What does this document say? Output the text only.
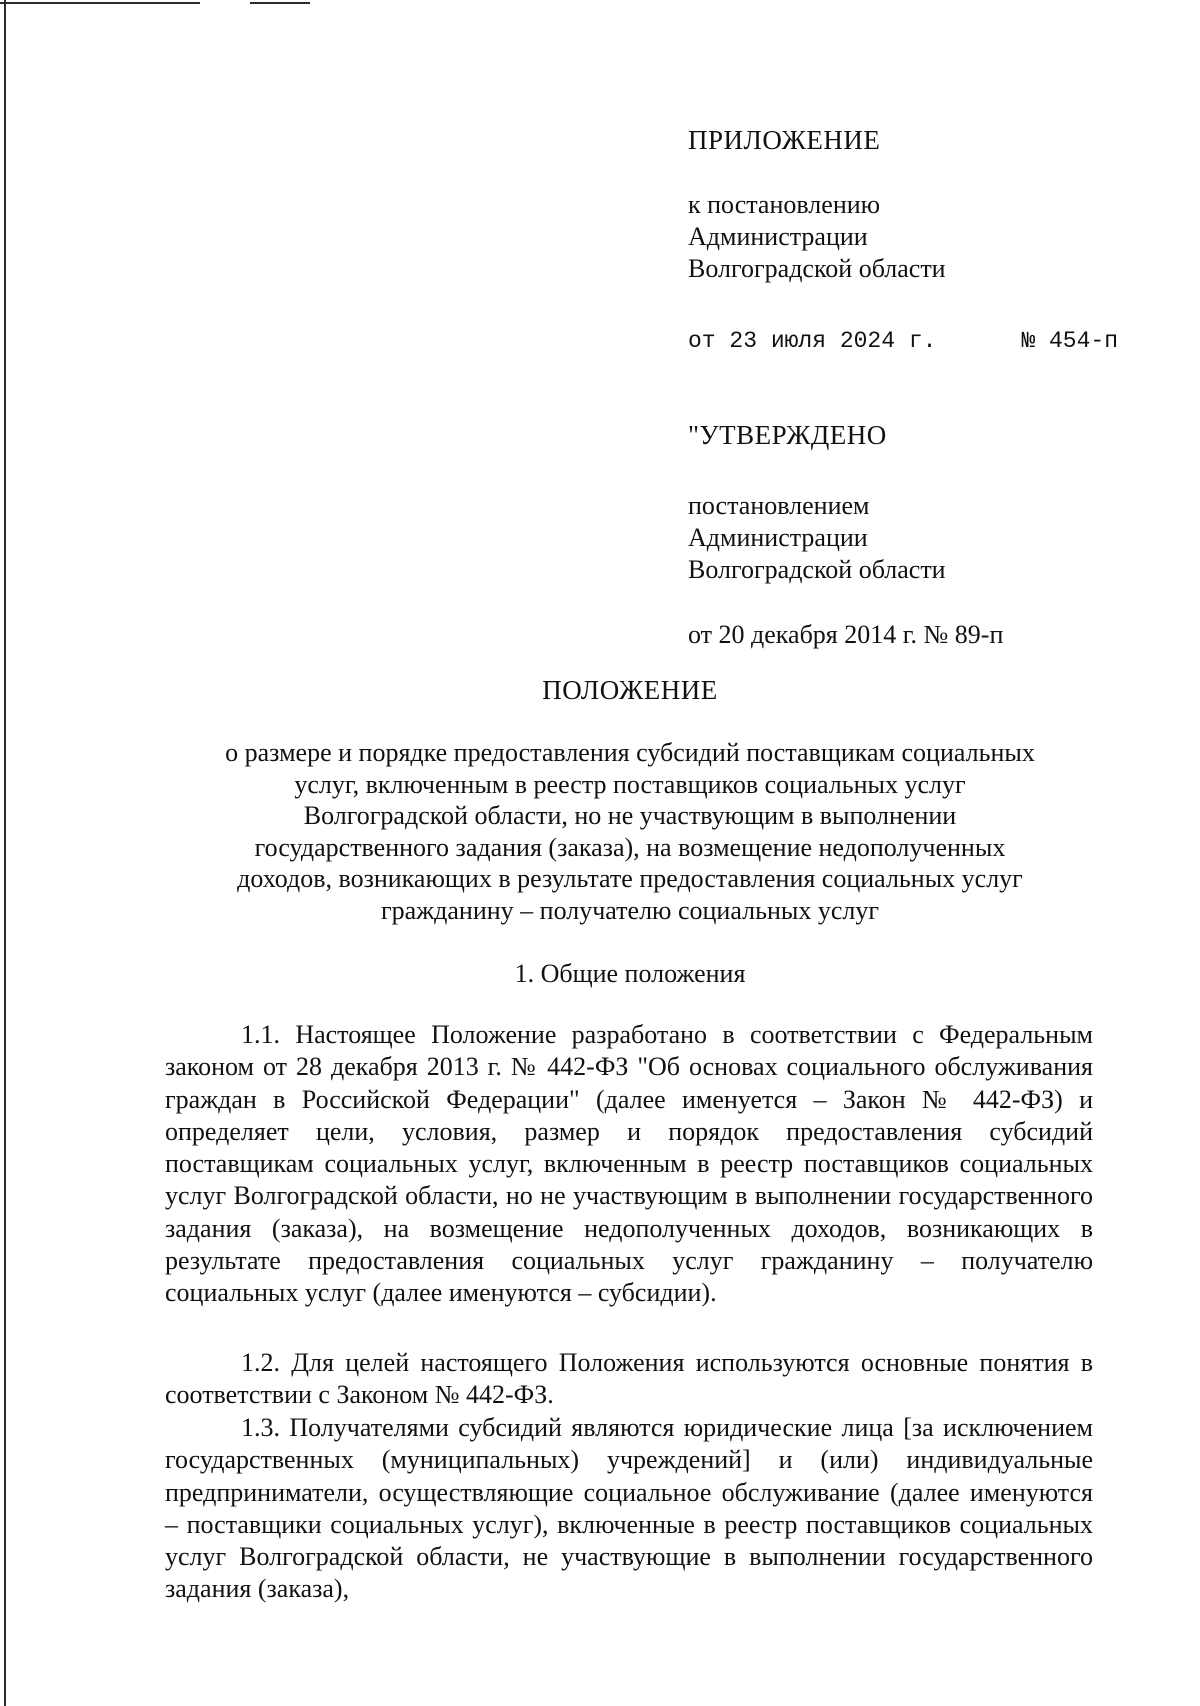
ПРИЛОЖЕНИЕ
к постановлению
Администрации
Волгоградской области
от 23 июля 2024 г.	№ 454-п
"УТВЕРЖДЕНО
постановлением
Администрации
Волгоградской области
от 20 декабря 2014 г. № 89-п
ПОЛОЖЕНИЕ
о размере и порядке предоставления субсидий поставщикам социальных
услуг, включенным в реестр поставщиков социальных услуг
Волгоградской области, но не участвующим в выполнении
государственного задания (заказа), на возмещение недополученных
доходов, возникающих в результате предоставления социальных услуг
гражданину – получателю социальных услуг
1. Общие положения

1.1. Настоящее Положение разработано в соответствии с Федеральным законом от 28 декабря 2013 г. № 442-ФЗ "Об основах социального обслуживания граждан в Российской Федерации" (далее именуется – Закон № 442-ФЗ) и определяет цели, условия, размер и порядок предоставления субсидий поставщикам социальных услуг, включенным в реестр поставщиков социальных услуг Волгоградской области, но не участвующим в выполнении государственного задания (заказа), на возмещение недополученных доходов, возникающих в результате предоставления социальных услуг гражданину – получателю социальных услуг (далее именуются – субсидии).

1.2. Для целей настоящего Положения используются основные понятия в соответствии с Законом № 442-ФЗ.

1.3. Получателями субсидий являются юридические лица [за исключением государственных (муниципальных) учреждений] и (или) индивидуальные предприниматели, осуществляющие социальное обслуживание (далее именуются – поставщики социальных услуг), включенные в реестр поставщиков социальных услуг Волгоградской области, не участвующие в выполнении государственного задания (заказа),
